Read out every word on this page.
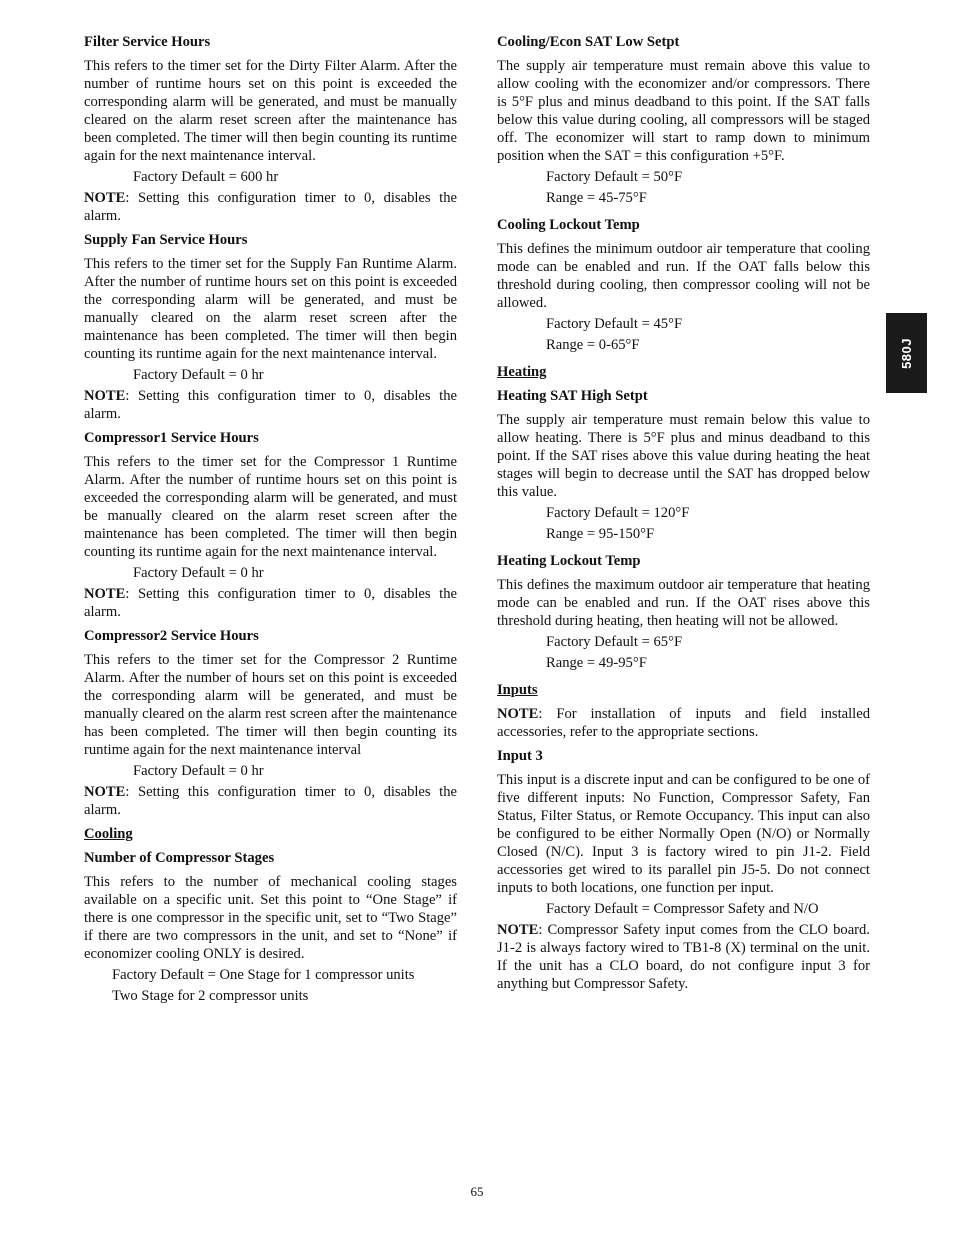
Filter Service Hours

This refers to the timer set for the Dirty Filter Alarm. After the number of runtime hours set on this point is exceeded the corresponding alarm will be generated, and must be manually cleared on the alarm reset screen after the maintenance has been completed. The timer will then begin counting its runtime again for the next maintenance interval.

Factory Default = 600 hr
NOTE: Setting this configuration timer to 0, disables the alarm.
Supply Fan Service Hours

This refers to the timer set for the Supply Fan Runtime Alarm. After the number of runtime hours set on this point is exceeded the corresponding alarm will be generated, and must be manually cleared on the alarm reset screen after the maintenance has been completed. The timer will then begin counting its runtime again for the next maintenance interval.

Factory Default = 0 hr
NOTE: Setting this configuration timer to 0, disables the alarm.
Compressor1 Service Hours

This refers to the timer set for the Compressor 1 Runtime Alarm. After the number of runtime hours set on this point is exceeded the corresponding alarm will be generated, and must be manually cleared on the alarm reset screen after the maintenance has been completed. The timer will then begin counting its runtime again for the next maintenance interval.

Factory Default = 0 hr
NOTE: Setting this configuration timer to 0, disables the alarm.
Compressor2 Service Hours

This refers to the timer set for the Compressor 2 Runtime Alarm. After the number of hours set on this point is exceeded the corresponding alarm will be generated, and must be manually cleared on the alarm rest screen after the maintenance has been completed. The timer will then begin counting its runtime again for the next maintenance interval

Factory Default = 0 hr
NOTE: Setting this configuration timer to 0, disables the alarm.
Cooling
Number of Compressor Stages

This refers to the number of mechanical cooling stages available on a specific unit. Set this point to “One Stage” if there is one compressor in the specific unit, set to “Two Stage” if there are two compressors in the unit, and set to “None” if economizer cooling ONLY is desired.

Factory Default = One Stage for 1 compressor units
Two Stage for 2 compressor units
Cooling/Econ SAT Low Setpt

The supply air temperature must remain above this value to allow cooling with the economizer and/or compressors. There is 5°F plus and minus deadband to this point. If the SAT falls below this value during cooling, all compressors will be staged off. The economizer will start to ramp down to minimum position when the SAT = this configuration +5°F.

Factory Default = 50°F
Range = 45-75°F
Cooling Lockout Temp

This defines the minimum outdoor air temperature that cooling mode can be enabled and run. If the OAT falls below this threshold during cooling, then compressor cooling will not be allowed.

Factory Default = 45°F
Range = 0-65°F
Heating
Heating SAT High Setpt

The supply air temperature must remain below this value to allow heating. There is 5°F plus and minus deadband to this point. If the SAT rises above this value during heating the heat stages will begin to decrease until the SAT has dropped below this value.

Factory Default = 120°F
Range = 95-150°F
Heating Lockout Temp

This defines the maximum outdoor air temperature that heating mode can be enabled and run. If the OAT rises above this threshold during heating, then heating will not be allowed.

Factory Default = 65°F
Range = 49-95°F
Inputs
NOTE: For installation of inputs and field installed accessories, refer to the appropriate sections.
Input 3

This input is a discrete input and can be configured to be one of five different inputs: No Function, Compressor Safety, Fan Status, Filter Status, or Remote Occupancy. This input can also be configured to be either Normally Open (N/O) or Normally Closed (N/C). Input 3 is factory wired to pin J1-2. Field accessories get wired to its parallel pin J5-5. Do not connect inputs to both locations, one function per input.

Factory Default = Compressor Safety and N/O
NOTE: Compressor Safety input comes from the CLO board. J1-2 is always factory wired to TB1-8 (X) terminal on the unit. If the unit has a CLO board, do not configure input 3 for anything but Compressor Safety.
580J
65
